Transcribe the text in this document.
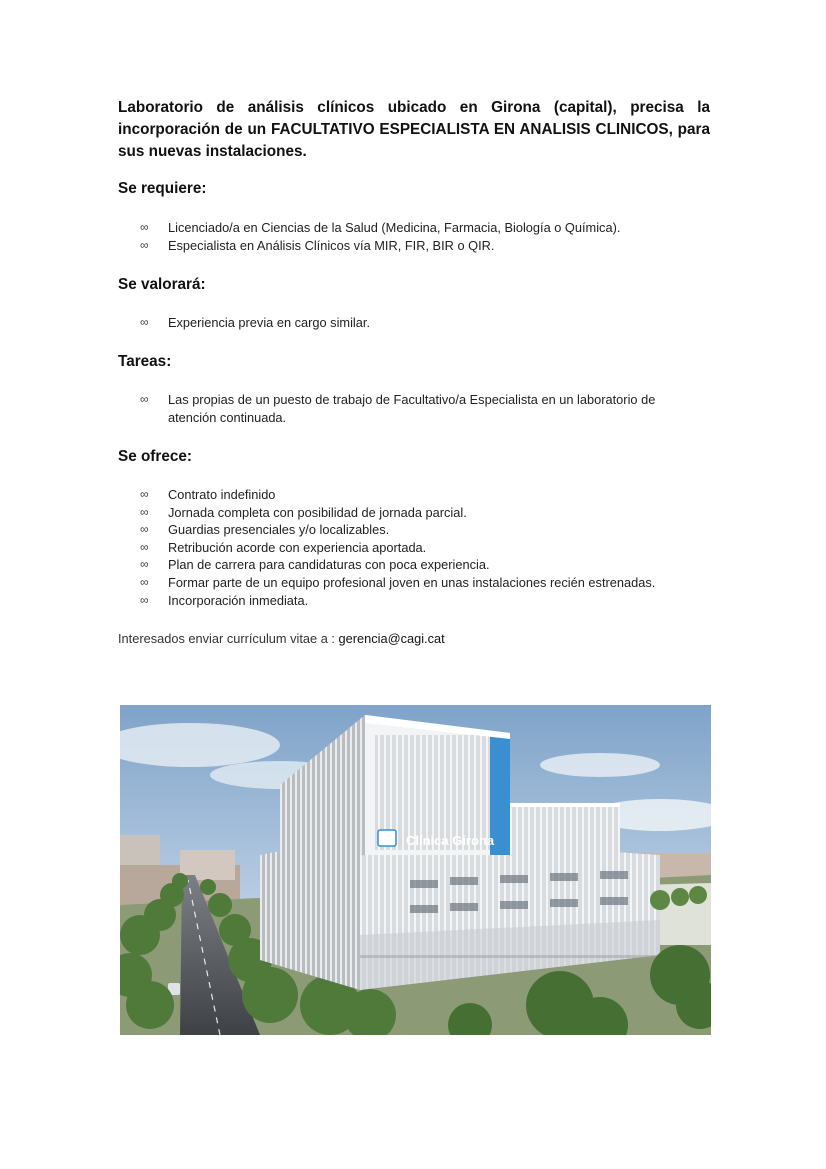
Laboratorio de análisis clínicos ubicado en Girona (capital), precisa la incorporación de un FACULTATIVO ESPECIALISTA EN ANALISIS CLINICOS, para sus nuevas instalaciones.
Se requiere:
∞ Licenciado/a en Ciencias de la Salud (Medicina, Farmacia, Biología o Química).
∞ Especialista en Análisis Clínicos vía MIR, FIR, BIR o QIR.
Se valorará:
∞ Experiencia previa en cargo similar.
Tareas:
∞ Las propias de un puesto de trabajo de Facultativo/a Especialista en un laboratorio de atención continuada.
Se ofrece:
∞ Contrato indefinido
∞ Jornada completa con posibilidad de jornada parcial.
∞ Guardias presenciales y/o localizables.
∞ Retribución acorde con experiencia aportada.
∞ Plan de carrera para candidaturas con poca experiencia.
∞ Formar parte de un equipo profesional joven en unas instalaciones recién estrenadas.
∞ Incorporación inmediata.
Interesados enviar currículum vitae a : gerencia@cagi.cat
Clínica Girona
